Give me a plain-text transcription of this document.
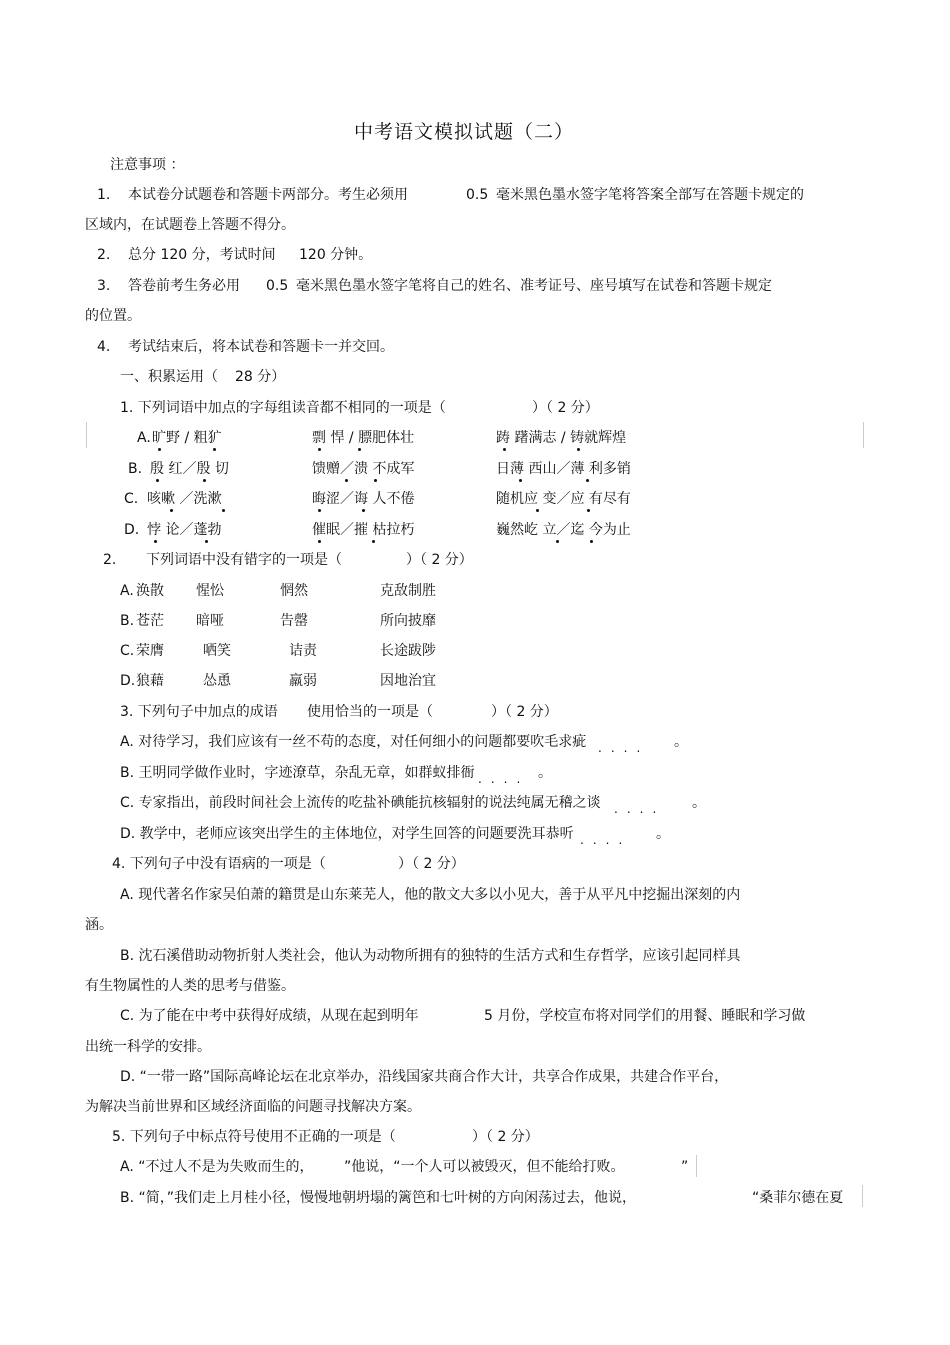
中考语文模拟试题（二）
注意事项 ：
1. 本试卷分试题卷和答题卡两部分。考生必须用	0.5 毫米黑色墨水签字笔将答案全部写在答题卡规定的
区域内，在试题卷上答题不得分。
2. 总分 120 分，考试时间 120 分钟。
3. 答卷前考生务必用 0.5 毫米黑色墨水签字笔将自己的姓名、准考证号、座号填写在试卷和答题卡规定
的位置。
4. 考试结束后，将本试卷和答题卡一并交回。
一、积累运用（ 28 分）
1. 下列词语中加点的字每组读音都不相同的一项是（	）（ 2 分）
A. 旷野 / 粗犷	剽 悍 / 膘肥体壮	踌 躇满志 / 铸就辉煌
B. 殷 红／殷 切	馈赠／溃 不成军	日薄 西山／薄 利多销
C. 咳嗽 ／洗漱	晦涩／诲 人不倦	随机应 变／应 有尽有
D. 悖 论／蓬勃	催眠／摧 枯拉朽	巍然屹 立／迄 今为止
2. 下列词语中没有错字的一项是（	）（ 2 分）
A. 涣散 惺忪	惘然	克敌制胜
B. 苍茫 暗哑	告罄	所向披靡
C. 荣膺	哂笑	诘责	长途跋陟
D. 狼藉	怂恿	羸弱	因地治宜
3. 下列句子中加点的成语 使用恰当的一项是（	）（ 2 分）
A. 对待学习，我们应该有一丝不苟的态度，对任何细小的问题都要吹毛求疵	。
....
B. 王明同学做作业时，字迹潦草，杂乱无章，如群蚁排衙	。
....
C. 专家指出，前段时间社会上流传的吃盐补碘能抗核辐射的说法纯属无稽之谈	。
....
D. 教学中，老师应该突出学生的主体地位，对学生回答的问题要洗耳恭听	。
....
4. 下列句子中没有语病的一项是（	）（ 2 分）
A. 现代著名作家吴伯萧的籍贯是山东莱芜人，他的散文大多以小见大，善于从平凡中挖掘出深刻的内
涵。
B. 沈石溪借助动物折射人类社会，他认为动物所拥有的独特的生活方式和生存哲学，应该引起同样具
有生物属性的人类的思考与借鉴。
C. 为了能在中考中获得好成绩，从现在起到明年	5 月份，学校宣布将对同学们的用餐、睡眠和学习做
出统一科学的安排。
D. “一带一路”国际高峰论坛在北京举办，沿线国家共商合作大计，共享合作成果，共建合作平台，
为解决当前世界和区域经济面临的问题寻找解决方案。
5. 下列句子中标点符号使用不正确的一项是（	）（ 2 分）
A. “不过人不是为失败而生的， ”他说，“一个人可以被毁灭，但不能给打败。	”
B. “简，”我们走上月桂小径，慢慢地朝坍塌的篱笆和七叶树的方向闲荡过去，他说，	“桑菲尔德在夏
